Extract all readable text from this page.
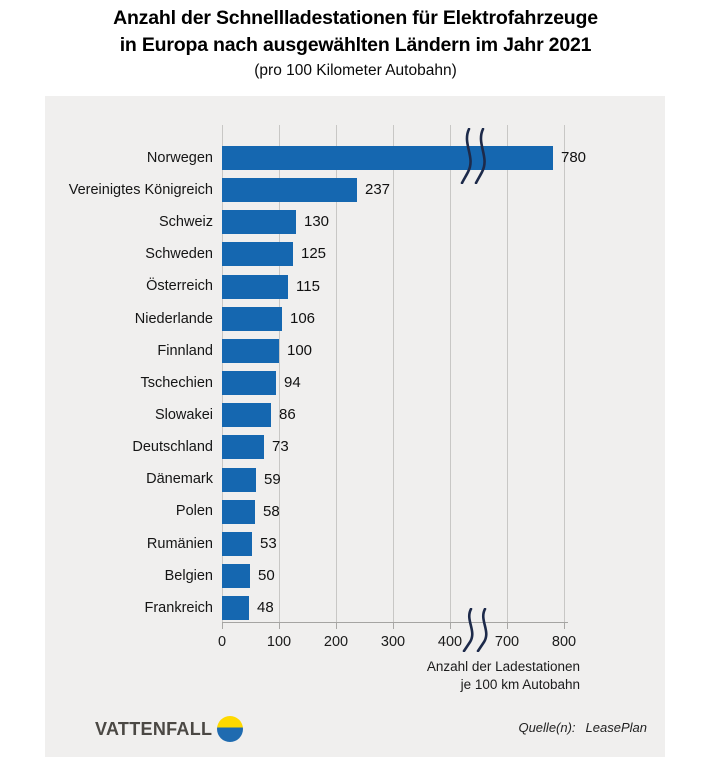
Anzahl der Schnellladestationen für Elektrofahrzeuge
in Europa nach ausgewählten Ländern im Jahr 2021
(pro 100 Kilometer Autobahn)
Norwegen	780
Vereinigtes Königreich	237
Schweiz	130
Schweden	125
Österreich	115
Niederlande	106
Finnland	100
Tschechien	94
Slowakei	86
Deutschland	73
Dänemark	59
Polen	58
Rumänien	53
Belgien	50
Frankreich	48
0	100	200	300	400	700	800
Anzahl der Ladestationen
je 100 km Autobahn
VATTENFALL	Quelle(n): LeasePlan
